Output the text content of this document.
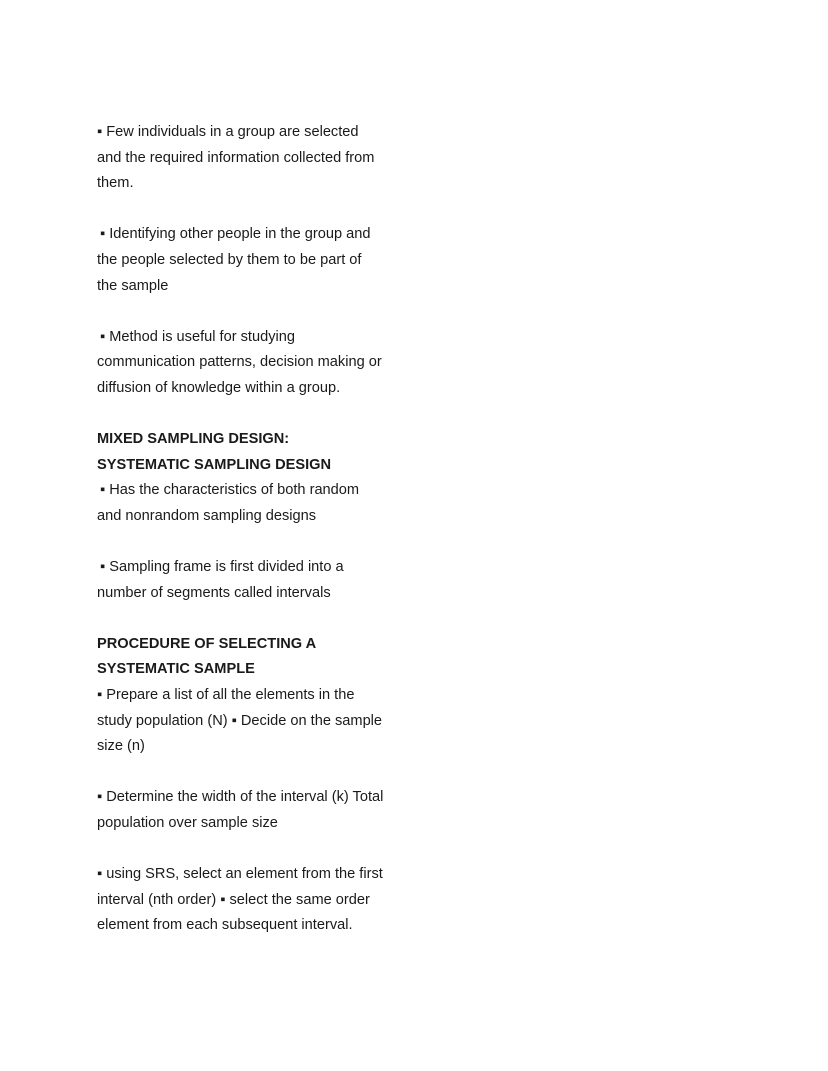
▪ Few individuals in a group are selected
and the required information collected from
them.

▪ Identifying other people in the group and
the people selected by them to be part of
the sample

▪ Method is useful for studying
communication patterns, decision making or
diffusion of knowledge within a group.

MIXED SAMPLING DESIGN:
SYSTEMATIC SAMPLING DESIGN

▪ Has the characteristics of both random
and nonrandom sampling designs

▪ Sampling frame is first divided into a
number of segments called intervals

PROCEDURE OF SELECTING A
SYSTEMATIC SAMPLE

▪ Prepare a list of all the elements in the
study population (N) ▪ Decide on the sample
size (n)

▪ Determine the width of the interval (k) Total
population over sample size

▪ using SRS, select an element from the first
interval (nth order) ▪ select the same order
element from each subsequent interval.
